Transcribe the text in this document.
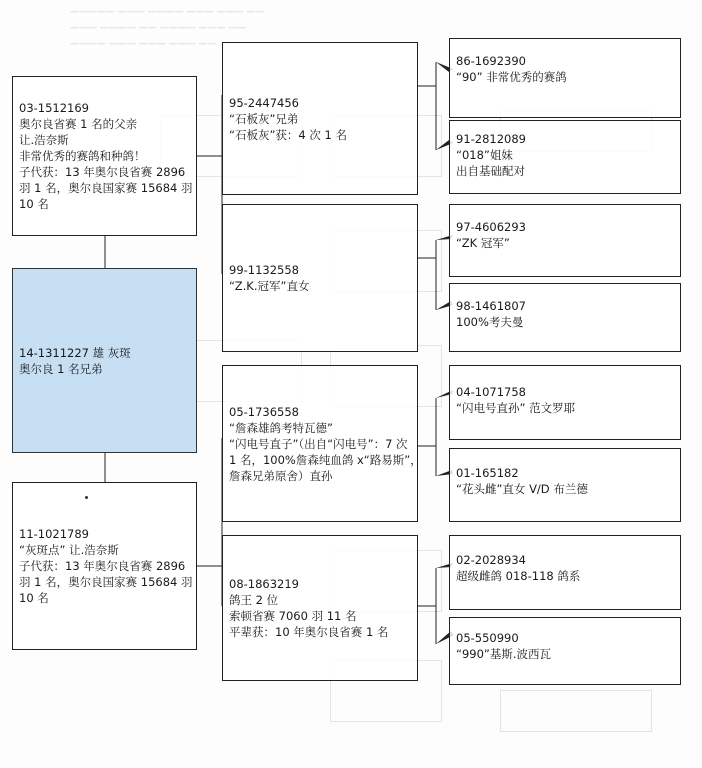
————— ——— ———— ——— ——— ——
——— ———— —— ———— ——— ——
———— ——— ——— ——— ——
03-1512169
奥尔良省赛 1 名的父亲
让.浩奈斯
非常优秀的赛鸽和种鸽！
子代获：13 年奥尔良省赛 2896
羽 1 名，奥尔良国家赛 15684 羽
10 名
14-1311227 雄 灰斑
奥尔良 1 名兄弟
11-1021789
“灰斑点” 让.浩奈斯
子代获：13 年奥尔良省赛 2896
羽 1 名，奥尔良国家赛 15684 羽
10 名
95-2447456
“石板灰”兄弟
“石板灰”获：4 次 1 名
99-1132558
“Z.K.冠军”直女
05-1736558
“詹森雄鸽考特瓦德”
“闪电号直子”（出自“闪电号”：7 次
1 名，100%詹森纯血鸽 x“路易斯”，
詹森兄弟原舍）直孙
08-1863219
鸽王 2 位
索顿省赛 7060 羽 11 名
平辈获：10 年奥尔良省赛 1 名
86-1692390
“90” 非常优秀的赛鸽
91-2812089
“018”姐妹
出自基础配对
97-4606293
“ZK 冠军”
98-1461807
100%考夫曼
04-1071758
“闪电号直孙” 范文罗耶
01-165182
“花头雌”直女 V/D 布兰德
02-2028934
超级雌鸽 018-118 鸽系
05-550990
“990”基斯.波西瓦
